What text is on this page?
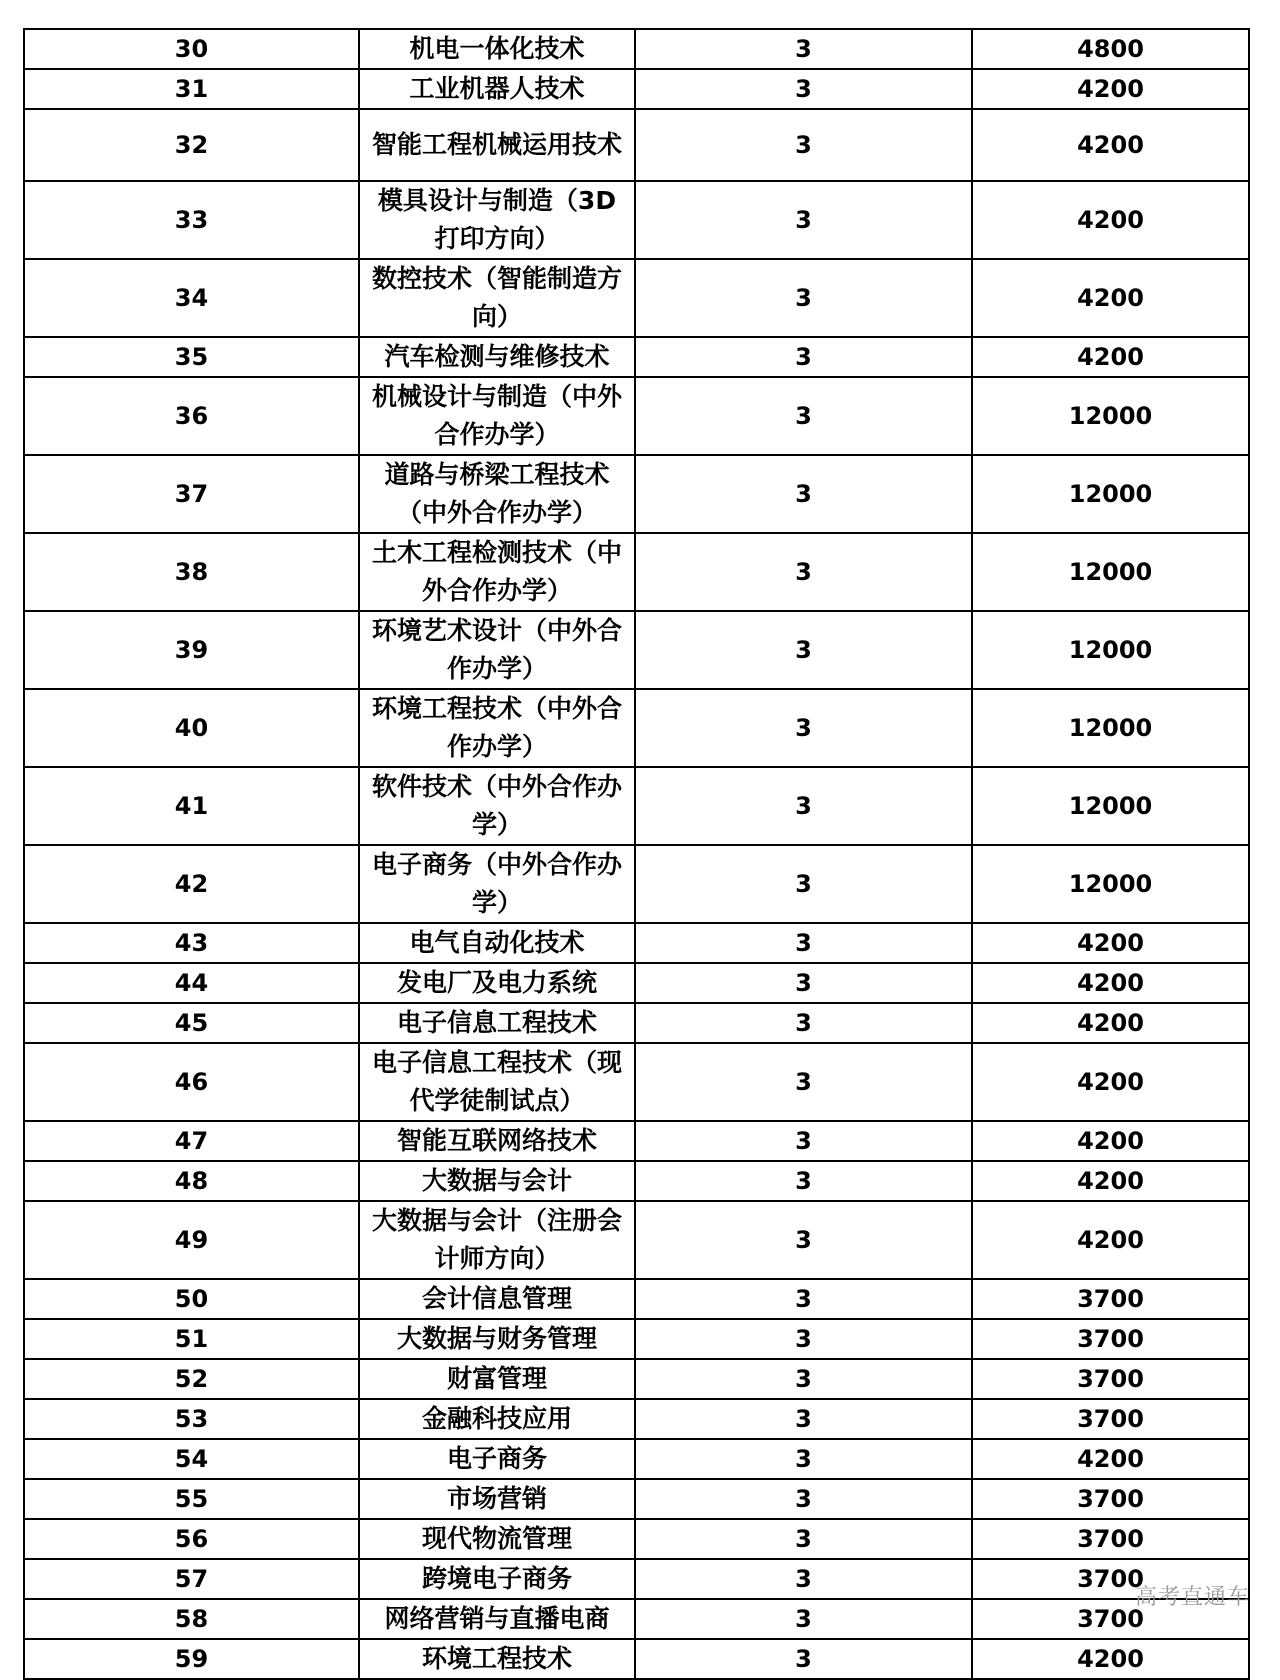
30	机电一体化技术	3	4800
31	工业机器人技术	3	4200
32	智能工程机械运用技术	3	4200
33	模具设计与制造（3D打印方向）	3	4200
34	数控技术（智能制造方向）	3	4200
35	汽车检测与维修技术	3	4200
36	机械设计与制造（中外合作办学）	3	12000
37	道路与桥梁工程技术（中外合作办学）	3	12000
38	土木工程检测技术（中外合作办学）	3	12000
39	环境艺术设计（中外合作办学）	3	12000
40	环境工程技术（中外合作办学）	3	12000
41	软件技术（中外合作办学）	3	12000
42	电子商务（中外合作办学）	3	12000
43	电气自动化技术	3	4200
44	发电厂及电力系统	3	4200
45	电子信息工程技术	3	4200
46	电子信息工程技术（现代学徒制试点）	3	4200
47	智能互联网络技术	3	4200
48	大数据与会计	3	4200
49	大数据与会计（注册会计师方向）	3	4200
50	会计信息管理	3	3700
51	大数据与财务管理	3	3700
52	财富管理	3	3700
53	金融科技应用	3	3700
54	电子商务	3	4200
55	市场营销	3	3700
56	现代物流管理	3	3700
57	跨境电子商务	3	3700
58	网络营销与直播电商	3	3700
59	环境工程技术	3	4200
高考直通车
